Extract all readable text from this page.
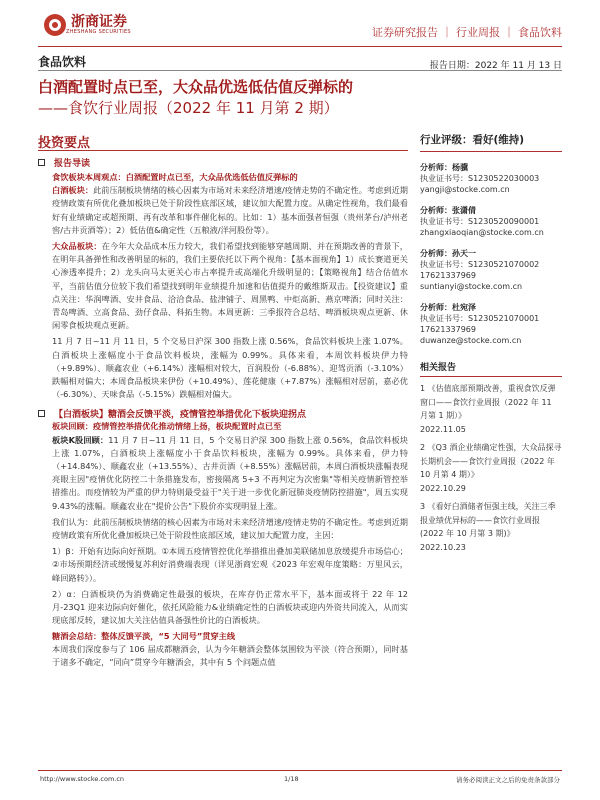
浙商证券
ZHESHANG SECURITIES	证券研究报告 ｜ 行业周报 ｜ 食品饮料
食品饮料	报告日期：2022 年 11 月 13 日
白酒配置时点已至，大众品优选低估值反弹标的
——食饮行业周报（2022 年 11 月第 2 期）
投资要点
报告导读
食饮板块本周观点：白酒配置时点已至，大众品优选低估值反弹标的
白酒板块：此前压制板块情绪的核心因素为市场对未来经济增速/疫情走势的不确定性。考虑到近期疫情政策有所优化叠加板块已处于阶段性底部区域，建议加大配置力度。从确定性视角，我们最看好有业绩确定或超预期、再有改革和事件催化标的。比如：1）基本面强者恒强（贵州茅台/泸州老窖/古井贡酒等）；2）低估值&确定性（五粮液/洋河股份等）。
大众品板块：在今年大众品成本压力较大，我们希望找到能够穿越周期、并在预期改善的背景下，在明年具备弹性和改善明显的标的，我们主要依托以下两个视角：【基本面视角】1）成长赛道更关心渗透率提升；2）龙头向马太更关心市占率提升或高端化升级明显的；【策略视角】结合估值水平，当前估值分位较下我们希望找到明年业绩提升加速和估值提升的戴维斯双击。【投资建议】重点关注：华润啤酒、安井食品、洽洽食品、盐津铺子、周黑鸭、中炬高新、燕京啤酒；同时关注：青岛啤酒、立高食品、劲仔食品、科拓生物。本周更新：三季报符合总结、啤酒板块观点更新、休闲零食板块观点更新。
11 月 7 日~11 月 11 日，5 个交易日沪深 300 指数上涨 0.56%，食品饮料板块上涨 1.07%。白酒板块上涨幅度小于食品饮料板块，涨幅为 0.99%。具体来看，本周饮料板块伊力特（+9.89%）、顺鑫农业（+6.14%）涨幅相对较大，百润股份（-6.88%）、迎驾贡酒（-3.10%）跌幅相对偏大；本周食品板块来伊份（+10.49%）、莲花健康（+7.87%）涨幅相对居前，嘉必优（-6.30%）、天味食品（-5.15%）跌幅相对偏大。
【白酒板块】糖酒会反馈平淡，疫情管控举措优化下板块迎拐点
板块回顾：疫情管控举措优化推动情绪上扬，板块配置时点已至
板块K股回顾：11 月 7 日~11 月 11 日，5 个交易日沪深 300 指数上涨 0.56%，食品饮料板块上涨 1.07%，白酒板块上涨幅度小于食品饮料板块，涨幅为 0.99%。具体来看，伊力特（+14.84%）、顺鑫农业（+13.55%）、古井贡酒（+8.55%）涨幅居前，本周白酒板块涨幅表现亮眼主因"疫情优化防控二十条措施发布，密接隔离 5+3 不再判定为次密集"等相关疫情新管控举措推出。而疫情较为严重的伊力特则最受益于"关于进一步优化新冠肺炎疫情防控措施"，周五实现 9.43%的涨幅。顺鑫农业在"提价公告"下股价亦实现明显上涨。
我们认为：此前压制板块情绪的核心因素为市场对未来经济增速/疫情走势的不确定性。考虑到近期疫情政策有所优化叠加板块已处于阶段性底部区域，建议加大配置力度，主因：
1）β：开始有边际向好预期。①本周五疫情管控优化举措推出叠加美联储加息放缓提升市场信心；②市场预期经济或缓慢复苏利好消费端表现（详见浙商宏观《2023 年宏观年度策略：万里风云，峰回路转》）。
2）α：白酒板块仍为消费确定性最强的板块，在库存仍正常水平下，基本面或将于 22 年 12 月-23Q1 迎来边际向好催化，依托风险能力&业绩确定性的白酒板块或迎内外资共同流入，从而实现底部反转，建议加大关注估值具备强性价比的白酒板块。
糖酒会总结：整体反馈平淡，“5 大同号”贯穿主线
本周我们深度参与了 106 届成都糖酒会，认为今年糖酒会整体氛围较为平淡（符合预期），同时基于诸多不确定，“同向”贯穿今年糖酒会，其中有 5 个问题点值
行业评级：看好(维持)
分析师：杨骥
执业证书号：S1230522030003
yangji@stocke.com.cn
分析师：张潇倩
执业证书号：S1230520090001
zhangxiaoqian@stocke.com.cn
分析师：孙天一
执业证书号：S1230521070002
17621337969
suntianyi@stocke.com.cn
分析师：杜宛泽
执业证书号：S1230521070001
17621337969
duwanze@stocke.com.cn
相关报告
1 《估值底部预期改善，重视食饮反弹窗口——食饮行业周报（2022 年 11 月第 1 期）》
2022.11.05
2 《Q3 酒企业绩确定性强，大众品探寻长期机会——食饮行业周报（2022 年 10 月第 4 期）》
2022.10.29
3 《看好白酒储者恒强主线，关注三季报业绩优异标的——食饮行业周报(2022 年 10 月第 3 期)》
2022.10.23
http://www.stocke.com.cn	1/18	请务必阅读正文之后的免责条款部分
